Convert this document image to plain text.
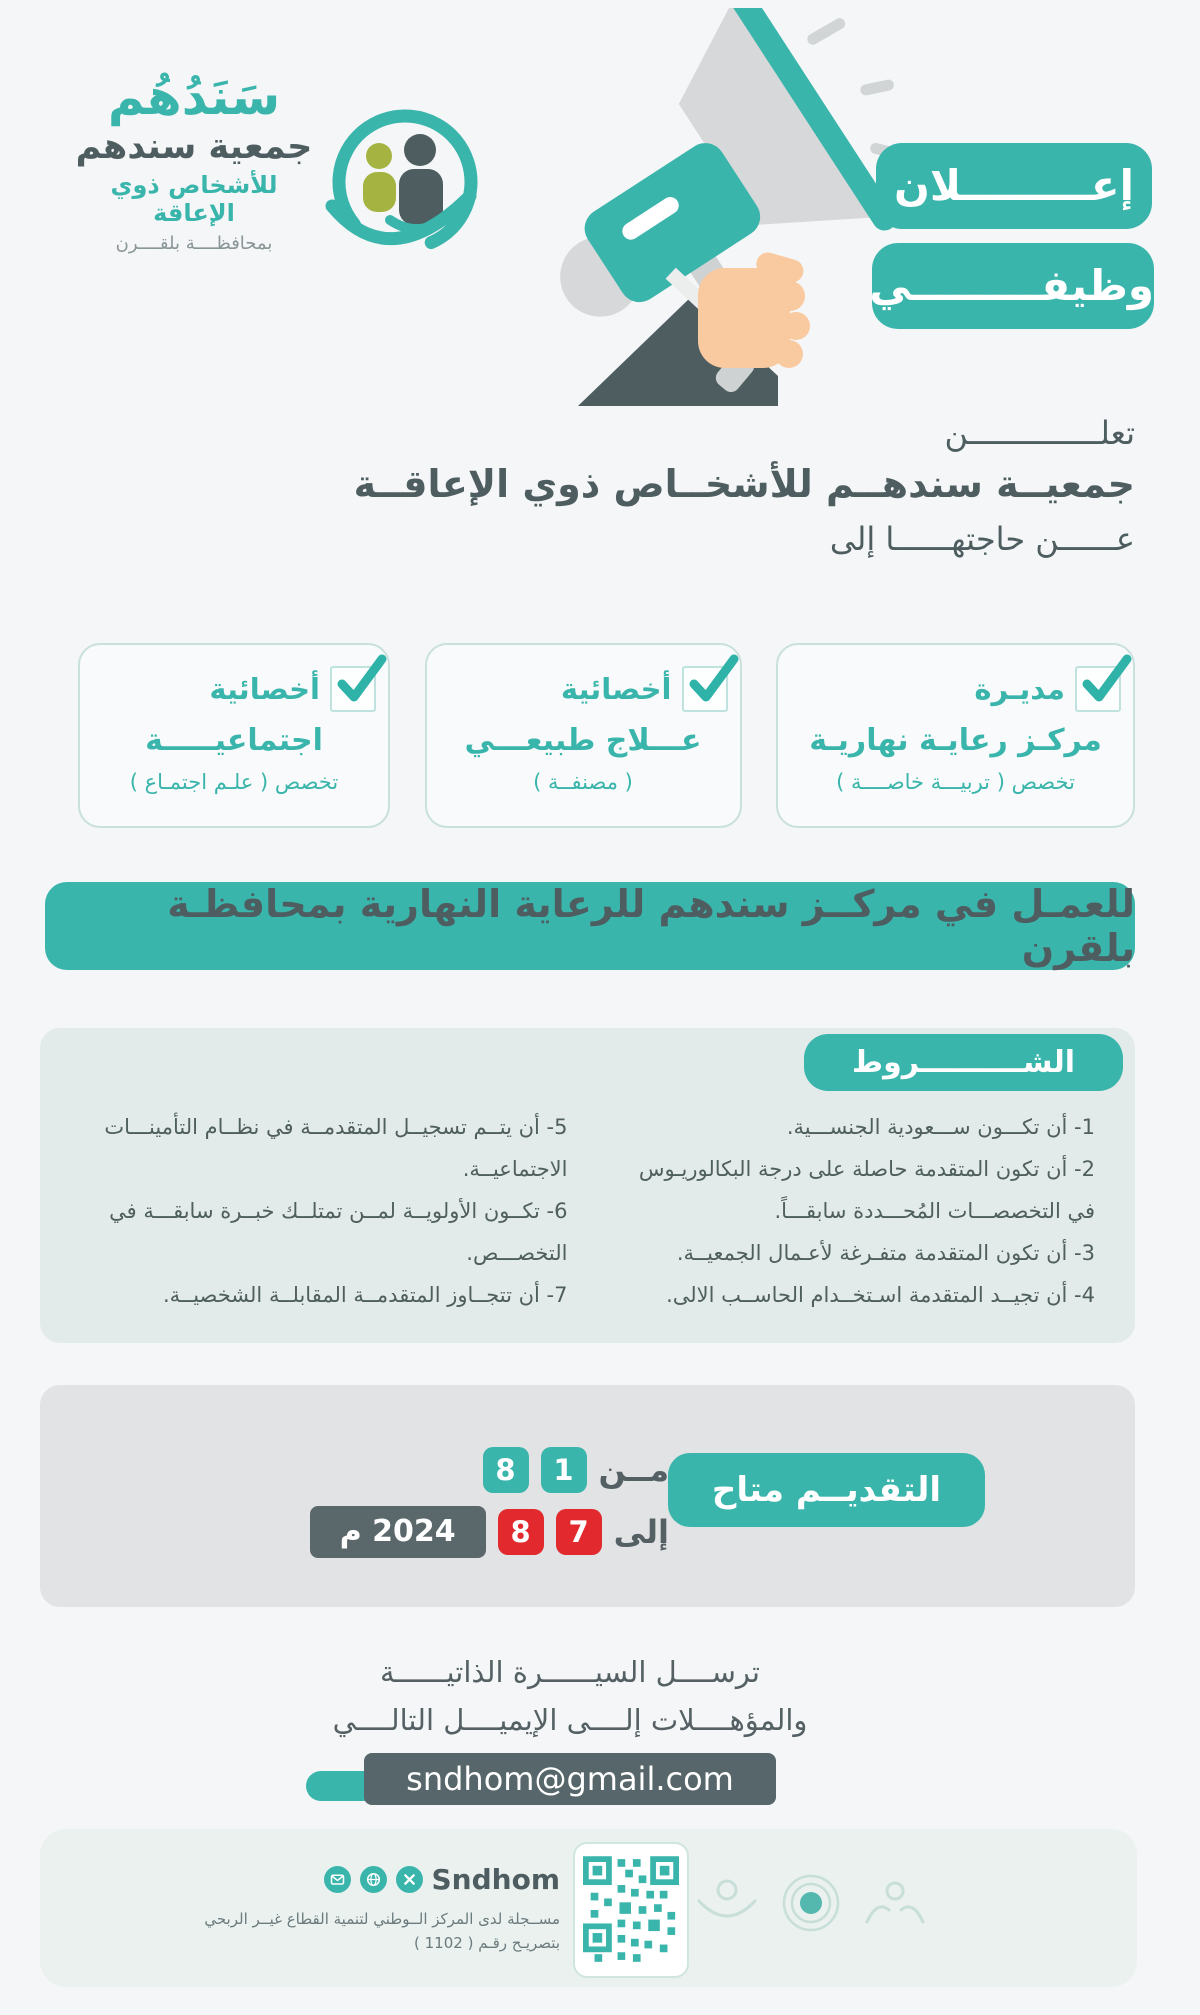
سَنَدُهُم
جمعية سندهم
للأشخاص ذوي الإعاقة
بمحافظــــة بلقــــرن
إعـــــــــلان
وظيفـــــــــي
تعلــــــــــــــن
جمعيــة سندهــم للأشخــاص ذوي الإعاقــة
عــــــن حاجتهــــــا إلى
مديـرة
مركـز رعايـة نهاريـة
تخصص ( تربيـــة خاصــــة )
أخصائية
عـــلاج طبيعـــي
( مصنفــة )
أخصائية
اجتماعيـــــة
تخصص ( علـم اجتمـاع )
للعمـل في مركــز سندهم للرعاية النهارية بمحافظـة بلقرن
الشــــــــــروط
1- أن تكـــون ســـعودية الجنســـية.
2- أن تكون المتقدمة حاصلة على درجة البكالوريـوس في التخصصـــات المُحـــددة سابقـــاً.
3- أن تكون المتقدمة متفـرغة لأعـمال الجمعيــة.
4- أن تجيــد المتقدمة اسـتخــدام الحاســب الالى.
5- أن يتــم تسجيــل المتقدمــة في نظــام التأمينـــات الاجتماعيــة.
6- تكــون الأولويــة لمــن تمتلــك خبــرة سابقـــة في التخصـــص.
7- أن تتجــاوز المتقدمــة المقابلــة الشخصيــة.
التقديــم متاح
مــن
1
8
إلى
7
8
2024 م
ترســــل السيــــــرة الذاتيــــــة
والمؤهــــلات إلــــى الإيميــــل التالــــي
sndhom@gmail.com
Sndhom
مســجلة لدى المركز الــوطني لتنمية القطاع غيــر الربحي
بتصريـح رقـم ( 1102 )
